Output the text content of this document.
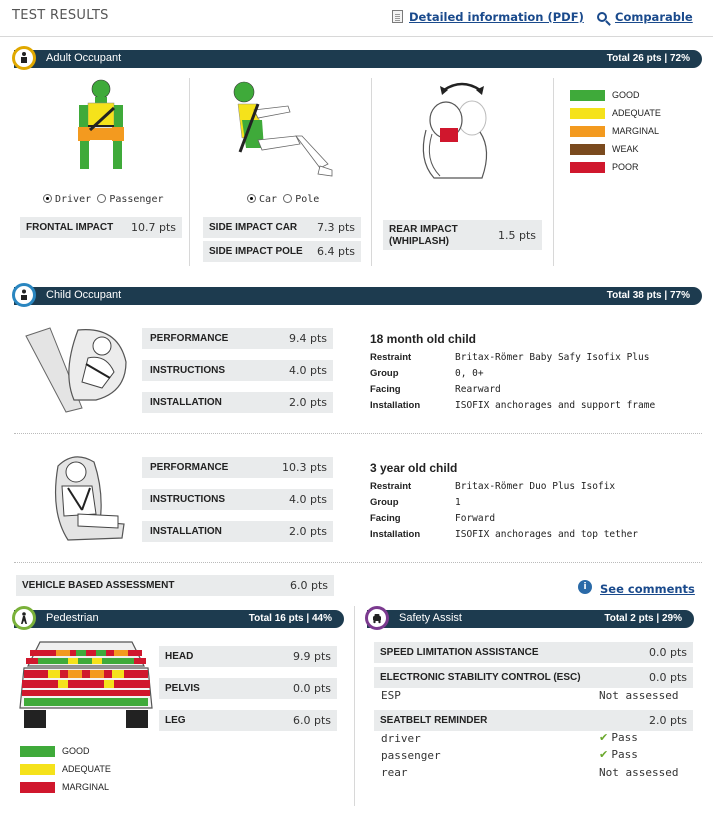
TEST RESULTS	Detailed information (PDF)	Comparable
Adult Occupant	Total 26 pts | 72%
Driver Passenger
FRONTAL IMPACT 10.7 pts
Car Pole
SIDE IMPACT CAR 7.3 pts
SIDE IMPACT POLE 6.4 pts
REAR IMPACT
(WHIPLASH)	1.5 pts
GOOD
ADEQUATE
MARGINAL
WEAK
POOR
Child Occupant	Total 38 pts | 77%
PERFORMANCE	9.4 pts
INSTRUCTIONS	4.0 pts
INSTALLATION	2.0 pts
18 month old child
Restraint	Britax-Römer Baby Safy Isofix Plus
Group	0, 0+
Facing	Rearward
Installation	ISOFIX anchorages and support frame
PERFORMANCE	10.3 pts
INSTRUCTIONS	4.0 pts
INSTALLATION	2.0 pts
3 year old child
Restraint	Britax-Römer Duo Plus Isofix
Group	1
Facing	Forward
Installation	ISOFIX anchorages and top tether
VEHICLE BASED ASSESSMENT	6.0 pts	i	See comments
Pedestrian	Total 16 pts | 44%
HEAD	9.9 pts
PELVIS	0.0 pts
LEG	6.0 pts
GOOD
ADEQUATE
MARGINAL
Safety Assist	Total 2 pts | 29%
SPEED LIMITATION ASSISTANCE	0.0 pts
ELECTRONIC STABILITY CONTROL (ESC)	0.0 pts
ESP	Not assessed
SEATBELT REMINDER	2.0 pts
driver	✔ Pass
passenger	✔ Pass
rear	Not assessed
